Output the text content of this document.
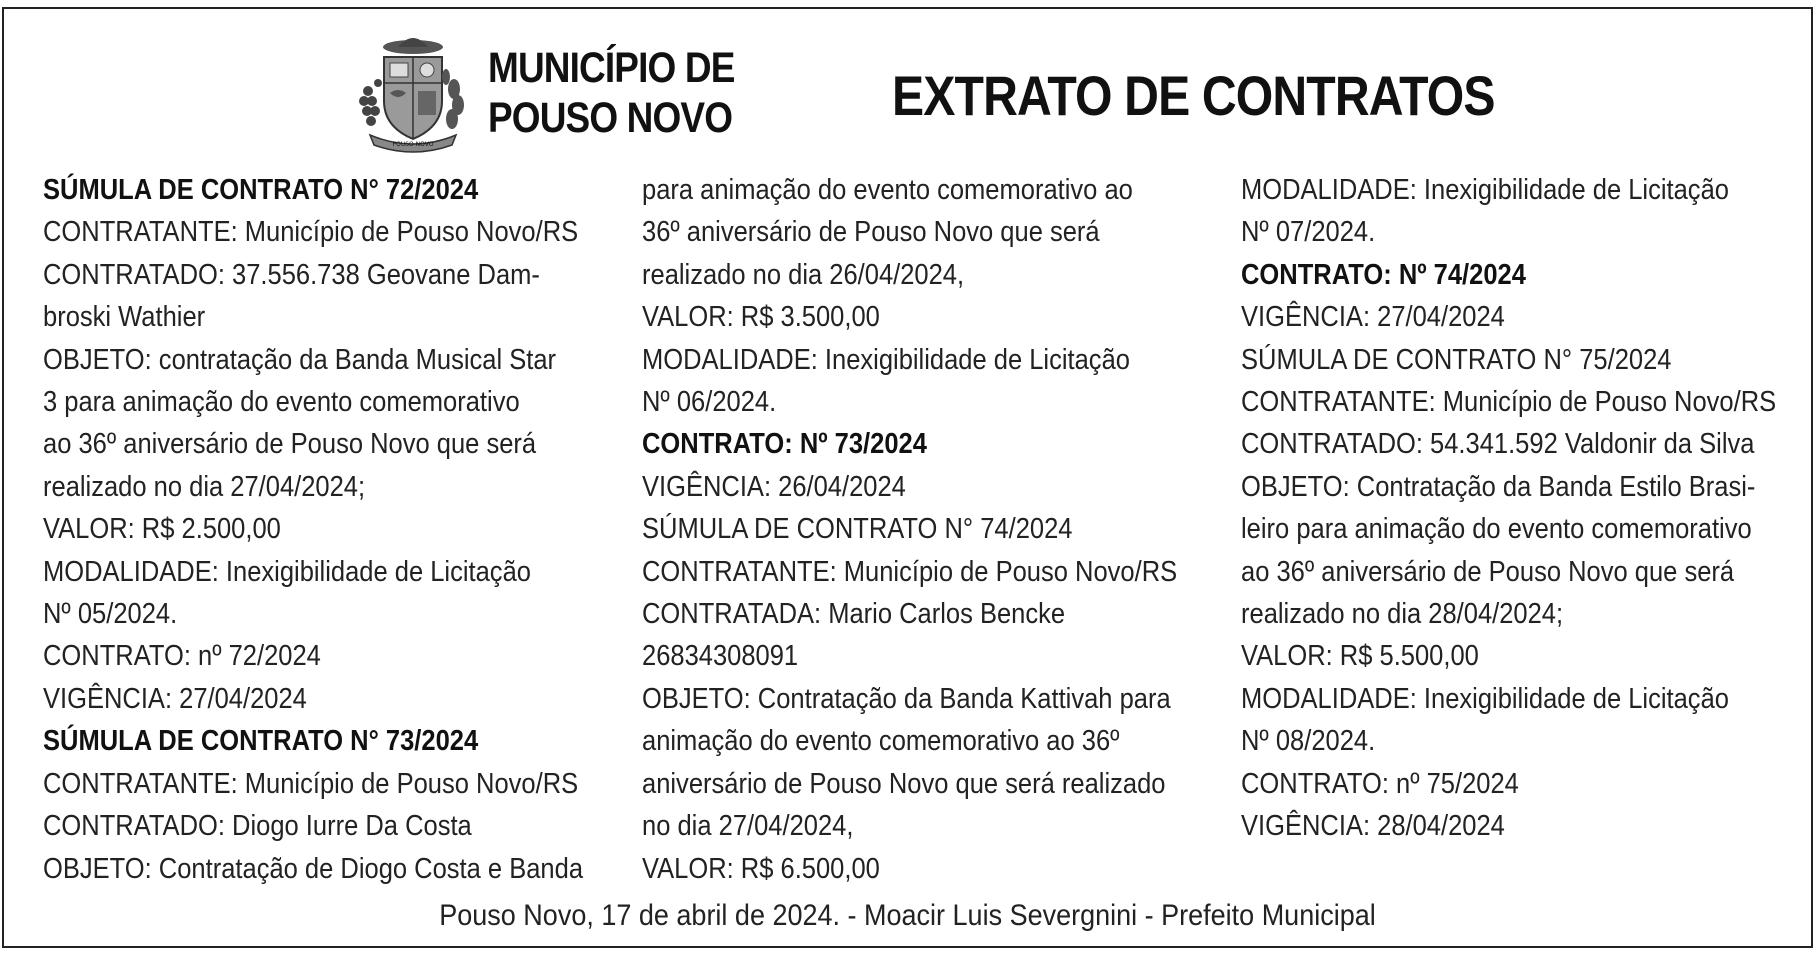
POUSO NOVO
MUNICÍPIO DE
POUSO NOVO	EXTRATO DE CONTRATOS
SÚMULA DE CONTRATO N° 72/2024
CONTRATANTE: Município de Pouso Novo/RS
CONTRATADO: 37.556.738 Geovane Dam-
broski Wathier
OBJETO: contratação da Banda Musical Star
3 para animação do evento comemorativo
ao 36º aniversário de Pouso Novo que será
realizado no dia 27/04/2024;
VALOR: R$ 2.500,00
MODALIDADE: Inexigibilidade de Licitação
Nº 05/2024.
CONTRATO: nº 72/2024
VIGÊNCIA: 27/04/2024
SÚMULA DE CONTRATO N° 73/2024
CONTRATANTE: Município de Pouso Novo/RS
CONTRATADO: Diogo Iurre Da Costa
OBJETO: Contratação de Diogo Costa e Banda
para animação do evento comemorativo ao
36º aniversário de Pouso Novo que será
realizado no dia 26/04/2024,
VALOR: R$ 3.500,00
MODALIDADE: Inexigibilidade de Licitação
Nº 06/2024.
CONTRATO: Nº 73/2024
VIGÊNCIA: 26/04/2024
SÚMULA DE CONTRATO N° 74/2024
CONTRATANTE: Município de Pouso Novo/RS
CONTRATADA: Mario Carlos Bencke
26834308091
OBJETO: Contratação da Banda Kattivah para
animação do evento comemorativo ao 36º
aniversário de Pouso Novo que será realizado
no dia 27/04/2024,
VALOR: R$ 6.500,00
MODALIDADE: Inexigibilidade de Licitação
Nº 07/2024.
CONTRATO: Nº 74/2024
VIGÊNCIA: 27/04/2024
SÚMULA DE CONTRATO N° 75/2024
CONTRATANTE: Município de Pouso Novo/RS
CONTRATADO: 54.341.592 Valdonir da Silva
OBJETO: Contratação da Banda Estilo Brasi-
leiro para animação do evento comemorativo
ao 36º aniversário de Pouso Novo que será
realizado no dia 28/04/2024;
VALOR: R$ 5.500,00
MODALIDADE: Inexigibilidade de Licitação
Nº 08/2024.
CONTRATO: nº 75/2024
VIGÊNCIA: 28/04/2024
Pouso Novo, 17 de abril de 2024. - Moacir Luis Severgnini - Prefeito Municipal
